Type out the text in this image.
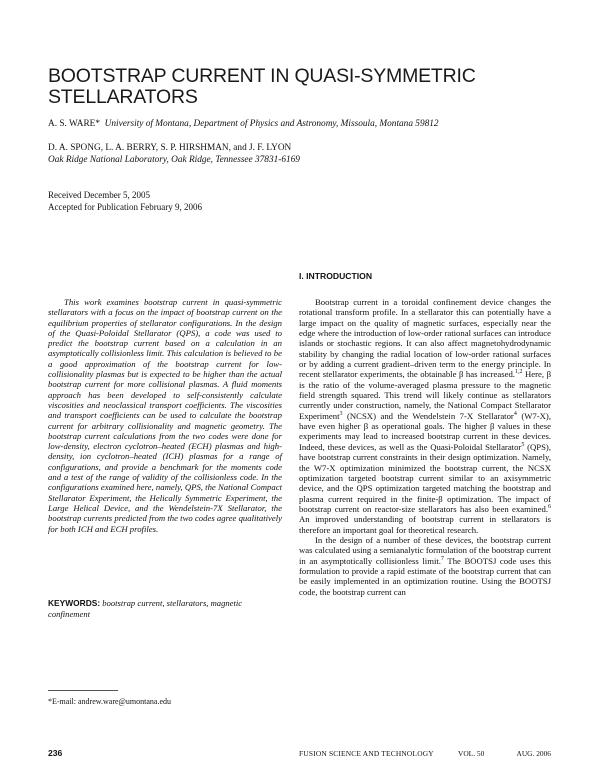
BOOTSTRAP CURRENT IN QUASI-SYMMETRIC
STELLARATORS
A. S. WARE* University of Montana, Department of Physics and Astronomy, Missoula, Montana 59812
D. A. SPONG, L. A. BERRY, S. P. HIRSHMAN, and J. F. LYON
Oak Ridge National Laboratory, Oak Ridge, Tennessee 37831-6169
Received December 5, 2005
Accepted for Publication February 9, 2006

This work examines bootstrap current in quasi-symmetric stellarators with a focus on the impact of bootstrap current on the equilibrium properties of stellarator configurations. In the design of the Quasi-Poloidal Stellarator (QPS), a code was used to predict the bootstrap current based on a calculation in an asymptotically collisionless limit. This calculation is believed to be a good approximation of the bootstrap current for low-collisionality plasmas but is expected to be higher than the actual bootstrap current for more collisional plasmas. A fluid moments approach has been developed to self-consistently calculate viscosities and neoclassical transport coefficients. The viscosities and transport coefficients can be used to calculate the bootstrap current for arbitrary collisionality and magnetic geometry. The bootstrap current calculations from the two codes were done for low-density, electron cyclotron–heated (ECH) plasmas and high-density, ion cyclotron–heated (ICH) plasmas for a range of configurations, and provide a benchmark for the moments code and a test of the range of validity of the collisionless code. In the configurations examined here, namely, QPS, the National Compact Stellarator Experiment, the Helically Symmetric Experiment, the Large Helical Device, and the Wendelstein-7X Stellarator, the bootstrap currents predicted from the two codes agree qualitatively for both ICH and ECH profiles.

KEYWORDS: bootstrap current, stellarators, magnetic confinement
*E-mail: andrew.ware@umontana.edu
I. INTRODUCTION

Bootstrap current in a toroidal confinement device changes the rotational transform profile. In a stellarator this can potentially have a large impact on the quality of magnetic surfaces, especially near the edge where the introduction of low-order rational surfaces can introduce islands or stochastic regions. It can also affect magnetohydrodynamic stability by changing the radial location of low-order rational surfaces or by adding a current gradient–driven term to the energy principle. In recent stellarator experiments, the obtainable β has increased.$^{1,2}$ Here, β is the ratio of the volume-averaged plasma pressure to the magnetic field strength squared. This trend will likely continue as stellarators currently under construction, namely, the National Compact Stellarator Experiment$^3$ (NCSX) and the Wendelstein 7-X Stellarator$^4$ (W7-X), have even higher β as operational goals. The higher β values in these experiments may lead to increased bootstrap current in these devices. Indeed, these devices, as well as the Quasi-Poloidal Stellarator$^5$ (QPS), have bootstrap current constraints in their design optimization. Namely, the W7-X optimization minimized the bootstrap current, the NCSX optimization targeted bootstrap current similar to an axisymmetric device, and the QPS optimization targeted matching the bootstrap and plasma current required in the finite-β optimization. The impact of bootstrap current on reactor-size stellarators has also been examined.$^6$ An improved understanding of bootstrap current in stellarators is therefore an important goal for theoretical research.

In the design of a number of these devices, the bootstrap current was calculated using a semianalytic formulation of the bootstrap current in an asymptotically collisionless limit.$^7$ The BOOTSJ code uses this formulation to provide a rapid estimate of the bootstrap current that can be easily implemented in an optimization routine. Using the BOOTSJ code, the bootstrap current can

236	FUSION SCIENCE AND TECHNOLOGY	VOL. 50	AUG. 2006
